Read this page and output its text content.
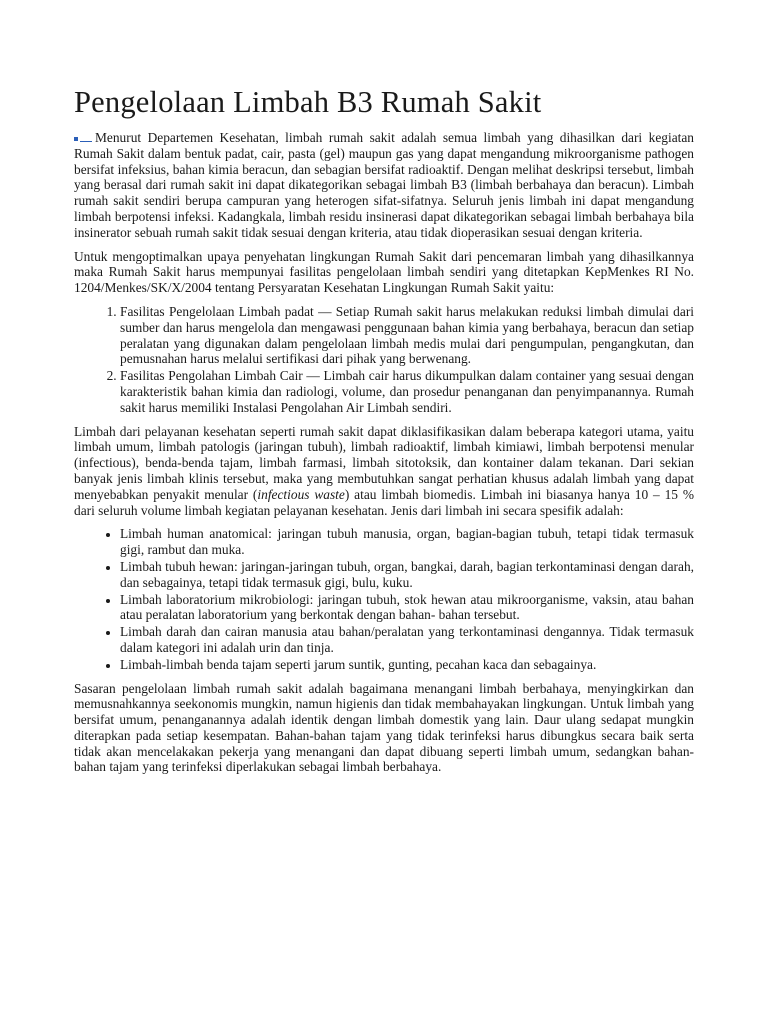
Pengelolaan Limbah B3 Rumah Sakit

Menurut Departemen Kesehatan, limbah rumah sakit adalah semua limbah yang dihasilkan dari kegiatan Rumah Sakit dalam bentuk padat, cair, pasta (gel) maupun gas yang dapat mengandung mikroorganisme pathogen bersifat infeksius, bahan kimia beracun, dan sebagian bersifat radioaktif. Dengan melihat deskripsi tersebut, limbah yang berasal dari rumah sakit ini dapat dikategorikan sebagai limbah B3 (limbah berbahaya dan beracun). Limbah rumah sakit sendiri berupa campuran yang heterogen sifat-sifatnya. Seluruh jenis limbah ini dapat mengandung limbah berpotensi infeksi. Kadangkala, limbah residu insinerasi dapat dikategorikan sebagai limbah berbahaya bila insinerator sebuah rumah sakit tidak sesuai dengan kriteria, atau tidak dioperasikan sesuai dengan kriteria.

Untuk mengoptimalkan upaya penyehatan lingkungan Rumah Sakit dari pencemaran limbah yang dihasilkannya maka Rumah Sakit harus mempunyai fasilitas pengelolaan limbah sendiri yang ditetapkan KepMenkes RI No. 1204/Menkes/SK/X/2004 tentang Persyaratan Kesehatan Lingkungan Rumah Sakit yaitu:

1. Fasilitas Pengelolaan Limbah padat — Setiap Rumah sakit harus melakukan reduksi limbah dimulai dari sumber dan harus mengelola dan mengawasi penggunaan bahan kimia yang berbahaya, beracun dan setiap peralatan yang digunakan dalam pengelolaan limbah medis mulai dari pengumpulan, pengangkutan, dan pemusnahan harus melalui sertifikasi dari pihak yang berwenang.
2. Fasilitas Pengolahan Limbah Cair — Limbah cair harus dikumpulkan dalam container yang sesuai dengan karakteristik bahan kimia dan radiologi, volume, dan prosedur penanganan dan penyimpanannya. Rumah sakit harus memiliki Instalasi Pengolahan Air Limbah sendiri.

Limbah dari pelayanan kesehatan seperti rumah sakit dapat diklasifikasikan dalam beberapa kategori utama, yaitu limbah umum, limbah patologis (jaringan tubuh), limbah radioaktif, limbah kimiawi, limbah berpotensi menular (infectious), benda-benda tajam, limbah farmasi, limbah sitotoksik, dan kontainer dalam tekanan. Dari sekian banyak jenis limbah klinis tersebut, maka yang membutuhkan sangat perhatian khusus adalah limbah yang dapat menyebabkan penyakit menular (infectious waste) atau limbah biomedis. Limbah ini biasanya hanya 10 – 15 % dari seluruh volume limbah kegiatan pelayanan kesehatan. Jenis dari limbah ini secara spesifik adalah:

• Limbah human anatomical: jaringan tubuh manusia, organ, bagian-bagian tubuh, tetapi tidak termasuk gigi, rambut dan muka.
• Limbah tubuh hewan: jaringan-jaringan tubuh, organ, bangkai, darah, bagian terkontaminasi dengan darah, dan sebagainya, tetapi tidak termasuk gigi, bulu, kuku.
• Limbah laboratorium mikrobiologi: jaringan tubuh, stok hewan atau mikroorganisme, vaksin, atau bahan atau peralatan laboratorium yang berkontak dengan bahan- bahan tersebut.
• Limbah darah dan cairan manusia atau bahan/peralatan yang terkontaminasi dengannya. Tidak termasuk dalam kategori ini adalah urin dan tinja.
• Limbah-limbah benda tajam seperti jarum suntik, gunting, pecahan kaca dan sebagainya.

Sasaran pengelolaan limbah rumah sakit adalah bagaimana menangani limbah berbahaya, menyingkirkan dan memusnahkannya seekonomis mungkin, namun higienis dan tidak membahayakan lingkungan. Untuk limbah yang bersifat umum, penanganannya adalah identik dengan limbah domestik yang lain. Daur ulang sedapat mungkin diterapkan pada setiap kesempatan. Bahan-bahan tajam yang tidak terinfeksi harus dibungkus secara baik serta tidak akan mencelakakan pekerja yang menangani dan dapat dibuang seperti limbah umum, sedangkan bahan-bahan tajam yang terinfeksi diperlakukan sebagai limbah berbahaya.
